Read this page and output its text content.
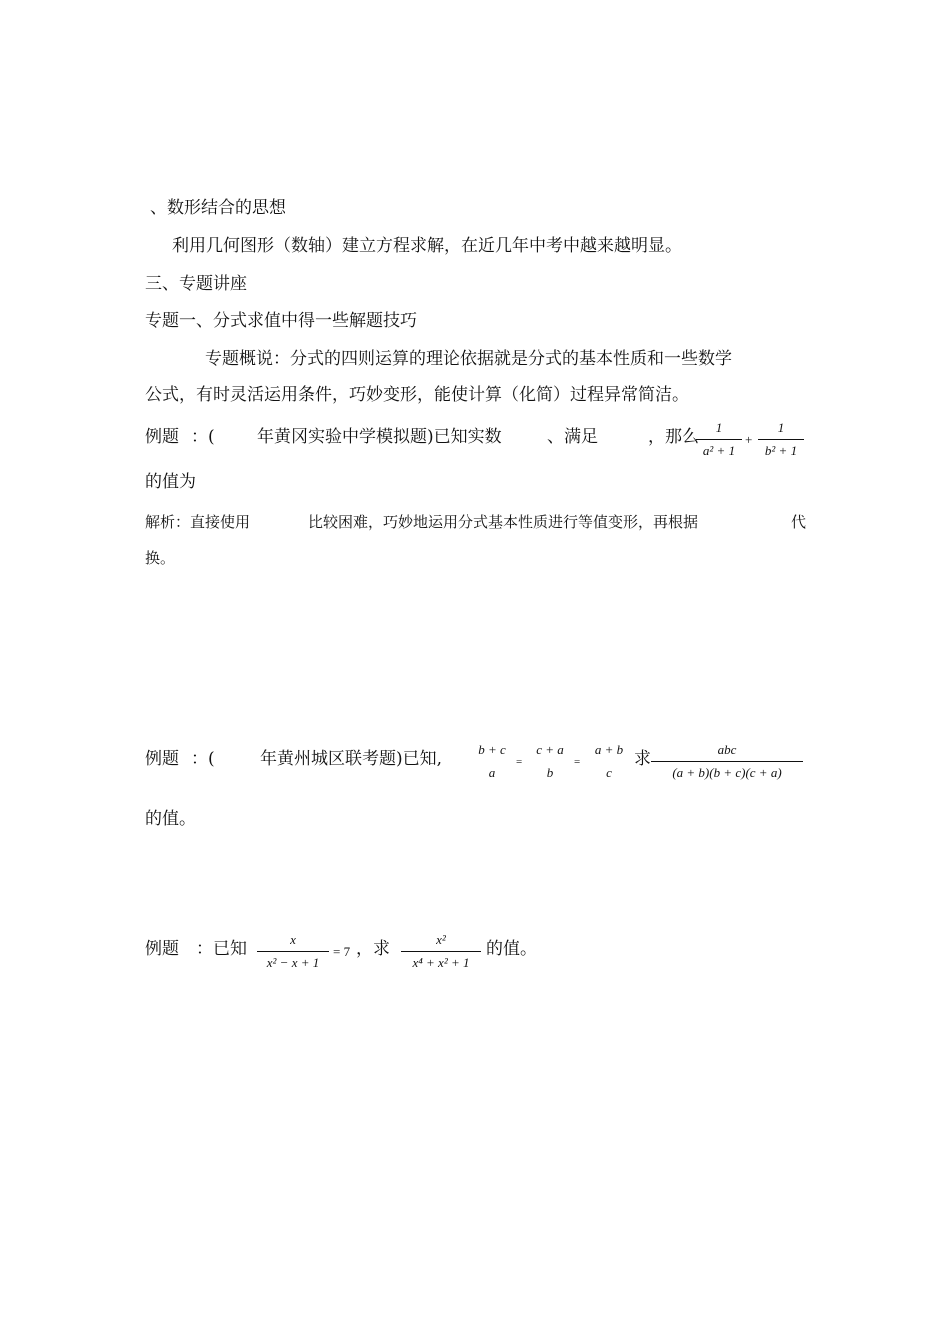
、数形结合的思想
利用几何图形（数轴）建立方程求解，在近几年中考中越来越明显。
三、专题讲座
专题一、分式求值中得一些解题技巧
专题概说：分式的四则运算的理论依据就是分式的基本性质和一些数学
公式，有时灵活运用条件，巧妙变形，能使计算（化简）过程异常简洁。
例题 ：( 年黄冈实验中学模拟题)已知实数	、满足	，那么	1
a² + 1
+
1
b² + 1
的值为
解析：直接使用	比较困难，巧妙地运用分式基本性质进行等值变形，再根据	代
换。
例题 ：(	年黄州城区联考题)已知,	b + c
a
=
c + a
b
=
a + b
c
求	abc
(a + b)(b + c)(c + a)
的值。
例题 ：已知	x
x² − x + 1
= 7 ，求	x²
x⁴ + x² + 1
的值。
